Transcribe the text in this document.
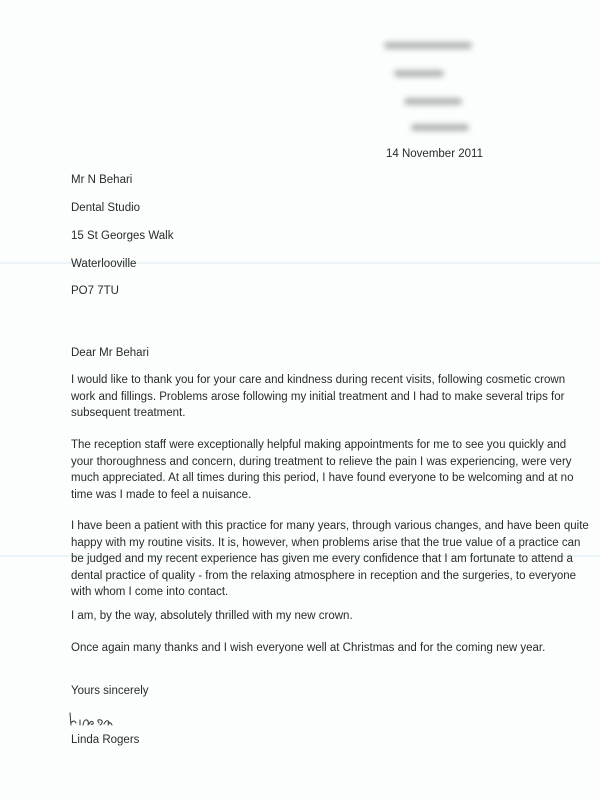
14 November 2011
Mr N Behari
Dental Studio
15 St Georges Walk
Waterlooville
PO7 7TU
Dear Mr Behari

I would like to thank you for your care and kindness during recent visits, following cosmetic crown work and fillings. Problems arose following my initial treatment and I had to make several trips for subsequent treatment.

The reception staff were exceptionally helpful making appointments for me to see you quickly and your thoroughness and concern, during treatment to relieve the pain I was experiencing, were very much appreciated. At all times during this period, I have found everyone to be welcoming and at no time was I made to feel a nuisance.

I have been a patient with this practice for many years, through various changes, and have been quite happy with my routine visits. It is, however, when problems arise that the true value of a practice can be judged and my recent experience has given me every confidence that I am fortunate to attend a dental practice of quality - from the relaxing atmosphere in reception and the surgeries, to everyone with whom I come into contact.

I am, by the way, absolutely thrilled with my new crown.

Once again many thanks and I wish everyone well at Christmas and for the coming new year.

Yours sincerely
Linda Rogers
